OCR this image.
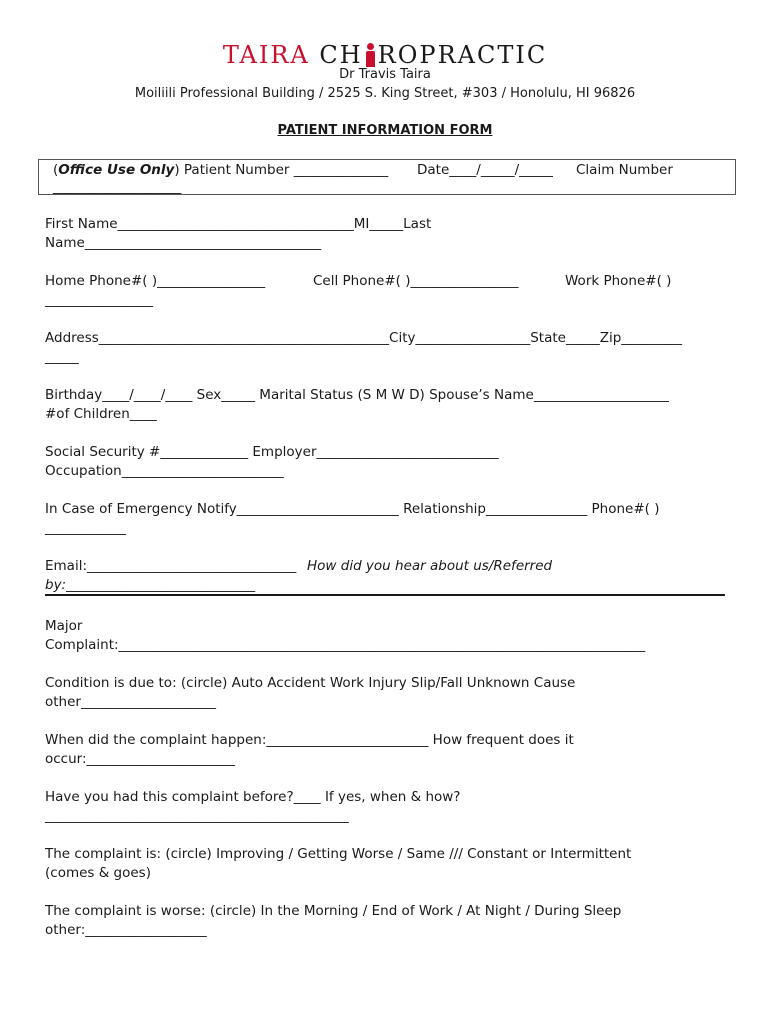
TAIRA CH ROPRACTIC
Dr Travis Taira
Moiliili Professional Building / 2525 S. King Street, #303 / Honolulu, HI 96826
PATIENT INFORMATION FORM
(Office Use Only) Patient Number ______________ Date____/_____/_____ Claim Number
___________________
First Name___________________________________MI_____Last
Name___________________________________
Home Phone#( )________________	Cell Phone#( )________________	Work Phone#( )
________________
Address___________________________________________City_________________State_____Zip_________
_____
Birthday____/____/____ Sex_____ Marital Status (S M W D) Spouse’s Name____________________
#of Children____
Social Security #_____________ Employer___________________________
Occupation________________________
In Case of Emergency Notify________________________ Relationship_______________ Phone#( )
____________
Email:_______________________________ How did you hear about us/Referred
by:____________________________
Major
Complaint:______________________________________________________________________________
Condition is due to: (circle) Auto Accident Work Injury Slip/Fall Unknown Cause
other____________________
When did the complaint happen:________________________ How frequent does it
occur:______________________
Have you had this complaint before?____ If yes, when & how?
_____________________________________________
The complaint is: (circle) Improving / Getting Worse / Same /// Constant or Intermittent
(comes & goes)
The complaint is worse: (circle) In the Morning / End of Work / At Night / During Sleep
other:__________________
